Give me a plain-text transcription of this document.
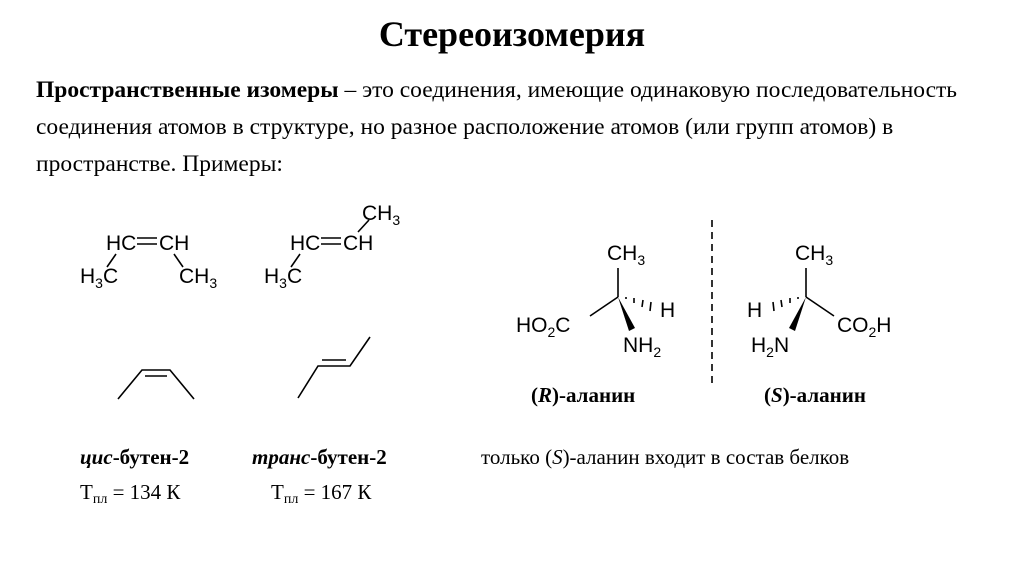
Стереоизомерия

Пространственные изомеры – это соединения, имеющие одинаковую последовательность соединения атомов в структуре, но разное расположение атомов (или групп атомов) в пространстве. Примеры:

HC CH
$H_3C$	$CH_3$
$CH_3$
HC CH
$H_3C$
$CH_3$
$HO_2C$
H
$NH_2$
$CH_3$
H
$CO_2H$
$H_2N$
(R)-аланин	(S)-аланин
цис-бутен-2	транс-бутен-2
$Т_{пл} = 134$ К	$Т_{пл} = 167$ К
только (S)-аланин входит в состав белков
